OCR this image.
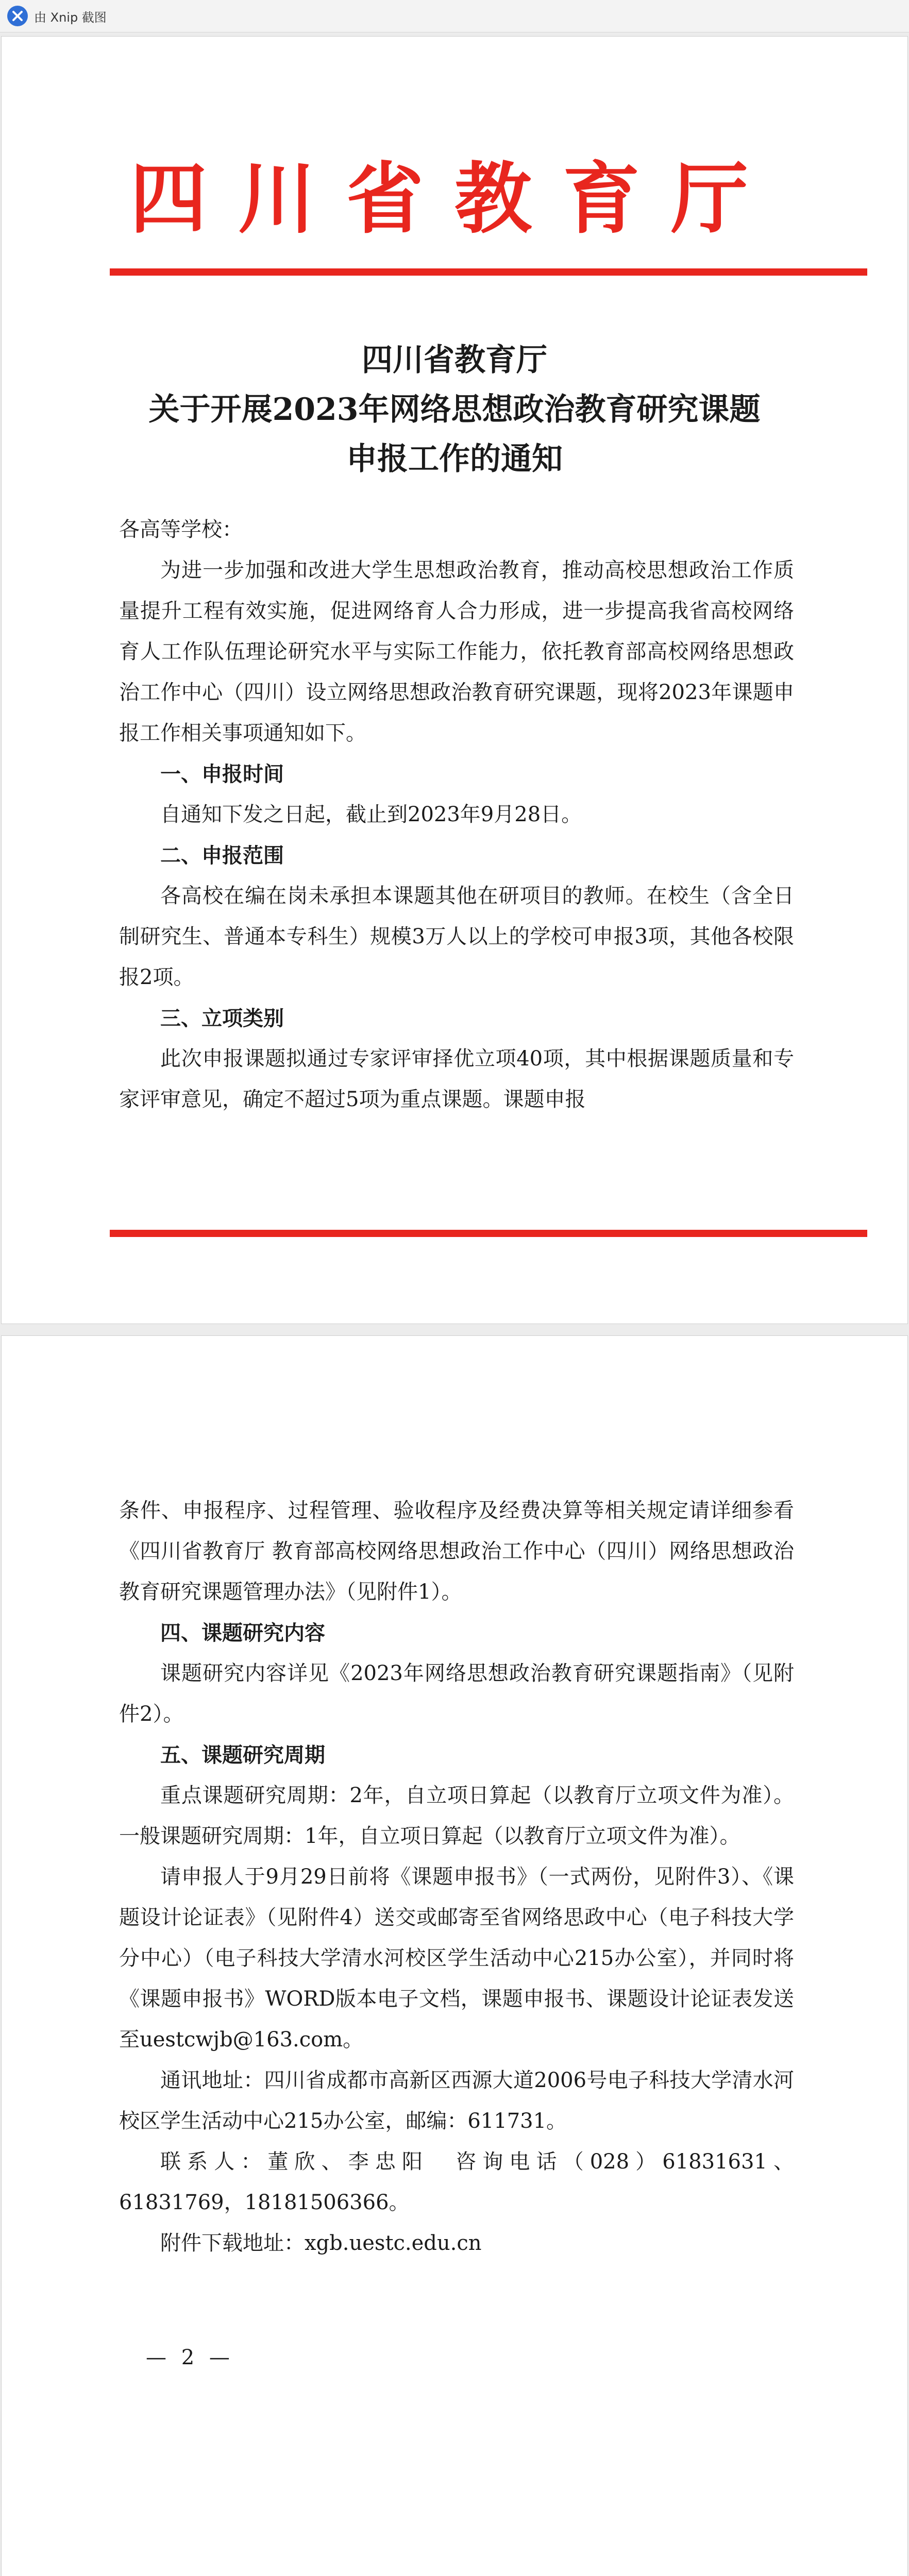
由 Xnip 截图
四川省教育厅
四川省教育厅
关于开展2023年网络思想政治教育研究课题
申报工作的通知

各高等学校：

为进一步加强和改进大学生思想政治教育，推动高校思想政治工作质量提升工程有效实施，促进网络育人合力形成，进一步提高我省高校网络育人工作队伍理论研究水平与实际工作能力，依托教育部高校网络思想政治工作中心（四川）设立网络思想政治教育研究课题，现将2023年课题申报工作相关事项通知如下。

一、申报时间

自通知下发之日起，截止到2023年9月28日。

二、申报范围

各高校在编在岗未承担本课题其他在研项目的教师。在校生（含全日制研究生、普通本专科生）规模3万人以上的学校可申报3项，其他各校限报2项。

三、立项类别

此次申报课题拟通过专家评审择优立项40项，其中根据课题质量和专家评审意见，确定不超过5项为重点课题。课题申报

条件、申报程序、过程管理、验收程序及经费决算等相关规定请详细参看《四川省教育厅 教育部高校网络思想政治工作中心（四川）网络思想政治教育研究课题管理办法》（见附件1）。

四、课题研究内容

课题研究内容详见《2023年网络思想政治教育研究课题指南》（见附件2）。

五、课题研究周期

重点课题研究周期：2年，自立项日算起（以教育厅立项文件为准）。一般课题研究周期：1年，自立项日算起（以教育厅立项文件为准）。

请申报人于9月29日前将《课题申报书》（一式两份，见附件3）、《课题设计论证表》（见附件4）送交或邮寄至省网络思政中心（电子科技大学分中心）（电子科技大学清水河校区学生活动中心215办公室），并同时将《课题申报书》WORD版本电子文档，课题申报书、课题设计论证表发送至uestcwjb@163.com。

通讯地址：四川省成都市高新区西源大道2006号电子科技大学清水河校区学生活动中心215办公室，邮编：611731。

联系人：董欣、李忠阳　咨询电话（028）61831631、61831769，18181506366。

附件下载地址：xgb.uestc.edu.cn

— 2 —
